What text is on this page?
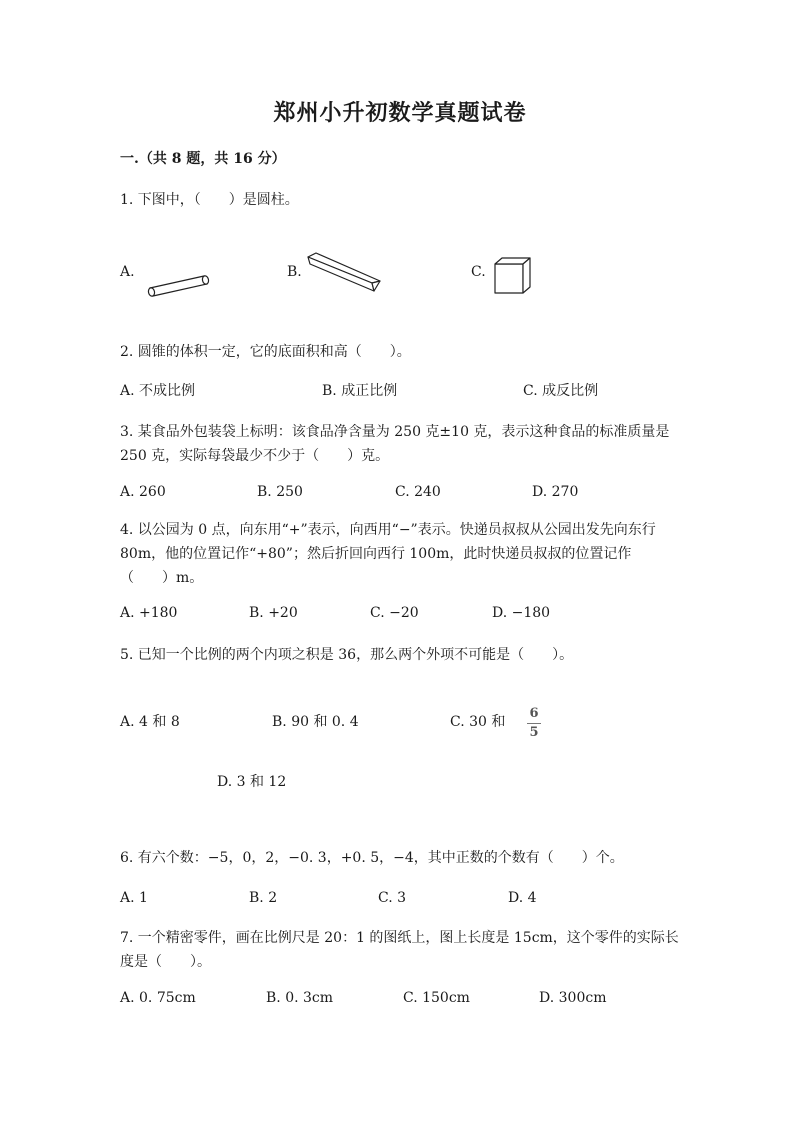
郑州小升初数学真题试卷
一.（共 8 题，共 16 分）
1. 下图中，（　　）是圆柱。
A.	B.	C.
2. 圆锥的体积一定，它的底面积和高（　　）。
A. 不成比例	B. 成正比例	C. 成反比例
3. 某食品外包装袋上标明：该食品净含量为 250 克±10 克，表示这种食品的标准质量是 250 克，实际每袋最少不少于（　　）克。
A. 260	B. 250	C. 240	D. 270
4. 以公园为 0 点，向东用“+”表示，向西用“−”表示。快递员叔叔从公园出发先向东行 80m，他的位置记作“+80”；然后折回向西行 100m，此时快递员叔叔的位置记作（　　）m。
A. +180	B. +20	C. −20	D. −180
5. 已知一个比例的两个内项之积是 36，那么两个外项不可能是（　　）。
A. 4 和 8	B. 90 和 0. 4	C. 30 和
6
5
D. 3 和 12
6. 有六个数：−5，0，2，−0. 3，+0. 5，−4，其中正数的个数有（　　）个。
A. 1	B. 2	C. 3	D. 4
7. 一个精密零件，画在比例尺是 20：1 的图纸上，图上长度是 15cm，这个零件的实际长度是（　　）。
A. 0. 75cm	B. 0. 3cm	C. 150cm	D. 300cm
